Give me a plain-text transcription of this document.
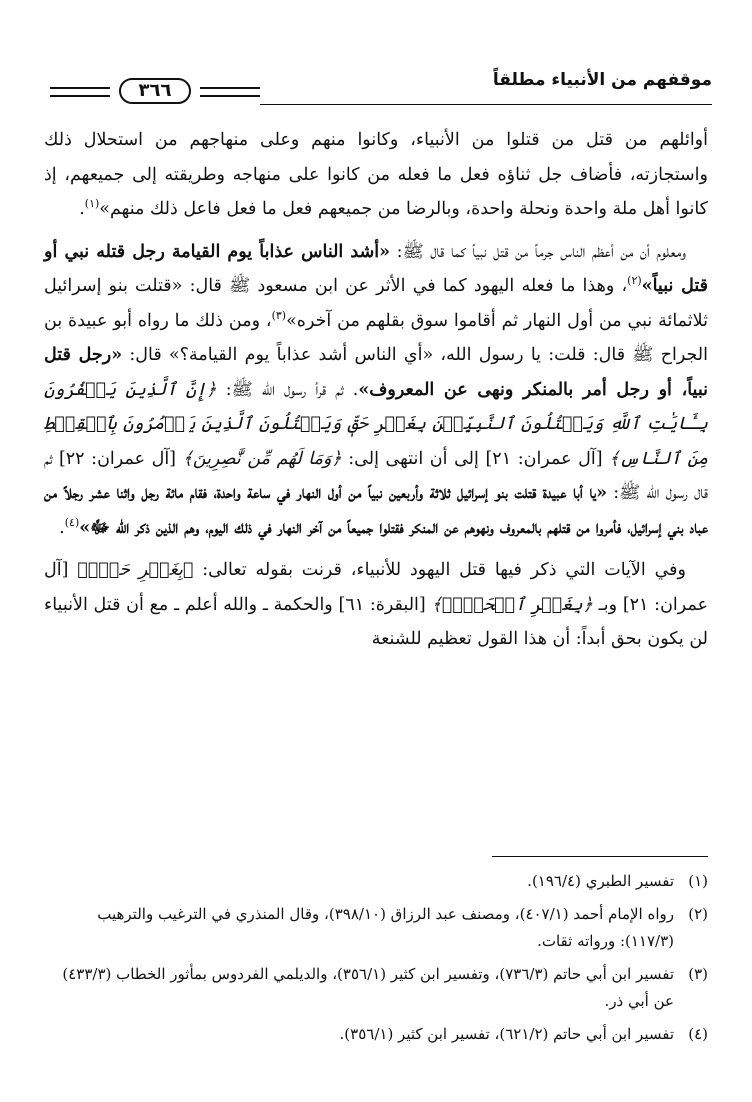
موقفهم من الأنبياء مطلقاً
٣٦٦

أوائلهم من قتل من قتلوا من الأنبياء، وكانوا منهم وعلى منهاجهم من استحلال ذلك واستجازته، فأضاف جل ثناؤه فعل ما فعله من كانوا على منهاجه وطريقته إلى جميعهم، إذ كانوا أهل ملة واحدة ونحلة واحدة، وبالرضا من جميعهم فعل ما فعل فاعل ذلك منهم»$^{(١)}$.

ومعلوم أن من أعظم الناس جرماً من قتل نبياً كما قال ﷺ: «أشد الناس عذاباً يوم القيامة رجل قتله نبي أو قتل نبياً»$^{(٢)}$، وهذا ما فعله اليهود كما في الأثر عن ابن مسعود ﷺ قال: «قتلت بنو إسرائيل ثلاثمائة نبي من أول النهار ثم أقاموا سوق بقلهم من آخره»$^{(٣)}$، ومن ذلك ما رواه أبو عبيدة بن الجراح ﷺ قال: قلت: يا رسول الله، «أي الناس أشد عذاباً يوم القيامة؟» قال: «رجل قتل نبياً، أو رجل أمر بالمنكر ونهى عن المعروف». ثم قرأ رسول الله ﷺ: ﴿إِنَّ ٱلَّذِينَ يَكۡفُرُونَ بِـَٔايَٰتِ ٱللَّهِ وَيَقۡتُلُونَ ٱلنَّبِيِّـۧنَ بِغَيۡرِ حَقّٖ وَيَقۡتُلُونَ ٱلَّذِينَ يَأۡمُرُونَ بِٱلۡقِسۡطِ مِنَ ٱلنَّاسِ﴾ [آل عمران: ٢١] إلى أن انتهى إلى: ﴿وَمَا لَهُم مِّن نَّٰصِرِينَ﴾ [آل عمران: ٢٢] ثم قال رسول الله ﷺ: «يا أبا عبيدة قتلت بنو إسرائيل ثلاثة وأربعين نبياً من أول النهار في ساعة واحدة، فقام مائة رجل واثنا عشر رجلاً من عباد بني إسرائيل، فأمروا من قتلهم بالمعروف ونهوهم عن المنكر فقتلوا جميعاً من آخر النهار في ذلك اليوم، وهم الذين ذكر الله ﷻ»$^{(٤)}$.

وفي الآيات التي ذكر فيها قتل اليهود للأنبياء، قرنت بقوله تعالى: ﴿بِغَيۡرِ حَقّٖ﴾ [آل عمران: ٢١] وبـ ﴿بِغَيۡرِ ٱلۡحَقِّۗ﴾ [البقرة: ٦١] والحكمة ـ والله أعلم ـ مع أن قتل الأنبياء لن يكون بحق أبداً: أن هذا القول تعظيم للشنعة

(١)
تفسير الطبري (١٩٦/٤).
(٢)
رواه الإمام أحمد (٤٠٧/١)، ومصنف عبد الرزاق (٣٩٨/١٠)، وقال المنذري في الترغيب والترهيب (١١٧/٣): ورواته ثقات.
(٣)
تفسير ابن أبي حاتم (٧٣٦/٣)، وتفسير ابن كثير (٣٥٦/١)، والديلمي الفردوس بمأثور الخطاب (٤٣٣/٣) عن أبي ذر.
(٤)
تفسير ابن أبي حاتم (٦٢١/٢)، تفسير ابن كثير (٣٥٦/١).
